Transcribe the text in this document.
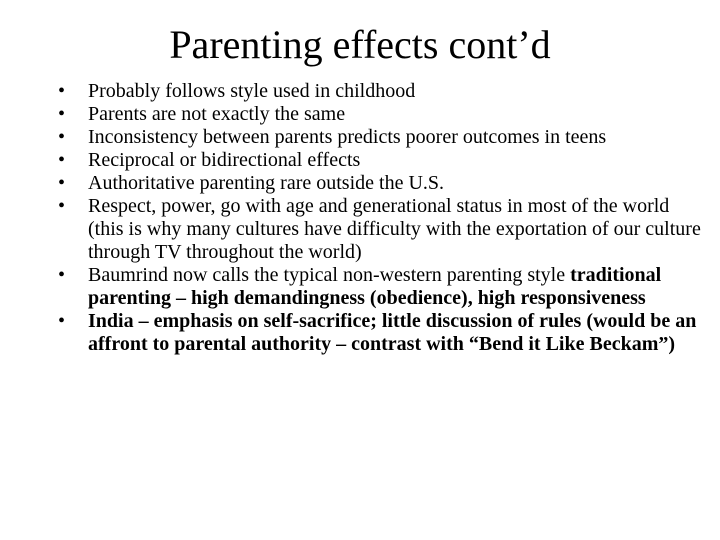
Parenting effects cont’d
•	Probably follows style used in childhood
•	Parents are not exactly the same
•	Inconsistency between parents predicts poorer outcomes in teens
•	Reciprocal or bidirectional effects
•	Authoritative parenting rare outside the U.S.
•	Respect, power, go with age and generational status in most of the world (this is why many cultures have difficulty with the exportation of our culture through TV throughout the world)
•	Baumrind now calls the typical non-western parenting style traditional parenting – high demandingness (obedience), high responsiveness
•	India – emphasis on self-sacrifice; little discussion of rules (would be an affront to parental authority – contrast with “Bend it Like Beckam”)
